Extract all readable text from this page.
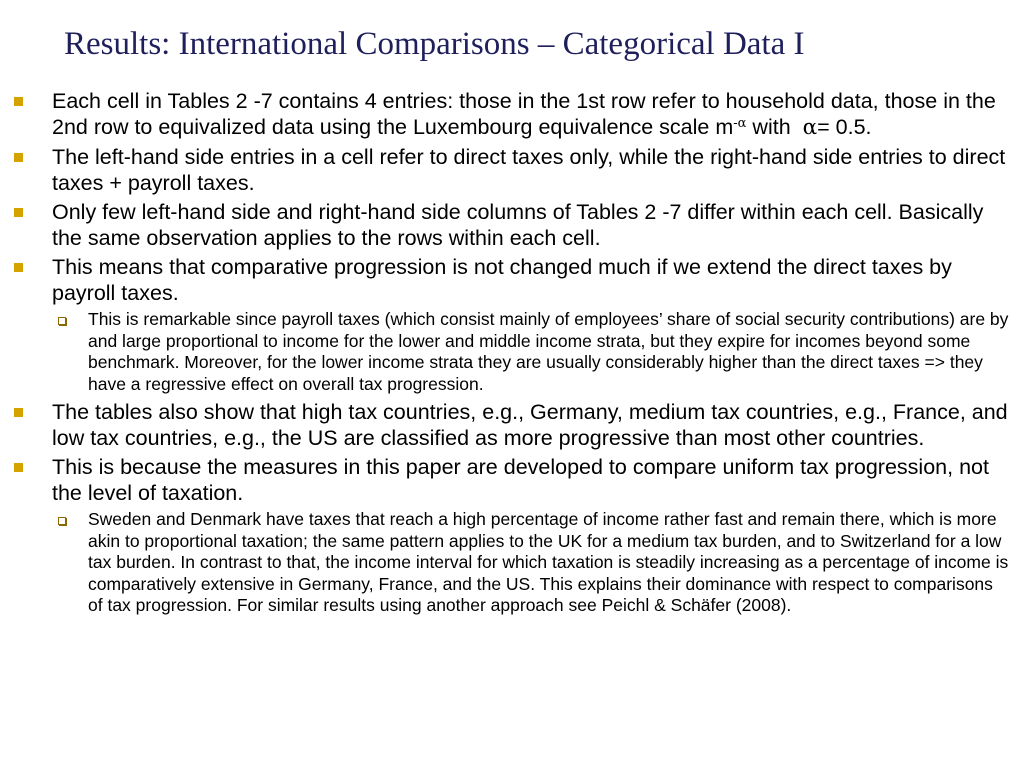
Results: International Comparisons – Categorical Data I

Each cell in Tables 2 -7 contains 4 entries: those in the 1st row refer to household data, those in the 2nd row to equivalized data using the Luxembourg equivalence scale $m^{-\alpha}$ with  α= 0.5.

The left-hand side entries in a cell refer to direct taxes only, while the right-hand side entries to direct taxes + payroll taxes.

Only few left-hand side and right-hand side columns of Tables 2 -7 differ within each cell. Basically the same observation applies to the rows within each cell.

This means that comparative progression is not changed much if we extend the direct taxes by payroll taxes.

This is remarkable since payroll taxes (which consist mainly of employees’ share of social security contributions) are by and large proportional to income for the lower and middle income strata, but they expire for incomes beyond some benchmark. Moreover, for the lower income strata they are usually considerably higher than the direct taxes => they have a regressive effect on overall tax progression.

The tables also show that high tax countries, e.g., Germany, medium tax countries, e.g., France, and low tax countries, e.g., the US are classified as more progressive than most other countries.

This is because the measures in this paper are developed to compare uniform tax progression, not the level of taxation.

Sweden and Denmark have taxes that reach a high percentage of income rather fast and remain there, which is more akin to proportional taxation; the same pattern applies to the UK for a medium tax burden, and to Switzerland for a low tax burden. In contrast to that, the income interval for which taxation is steadily increasing as a percentage of income is comparatively extensive in Germany, France, and the US. This explains their dominance with respect to comparisons of tax progression. For similar results using another approach see Peichl & Schäfer (2008).
